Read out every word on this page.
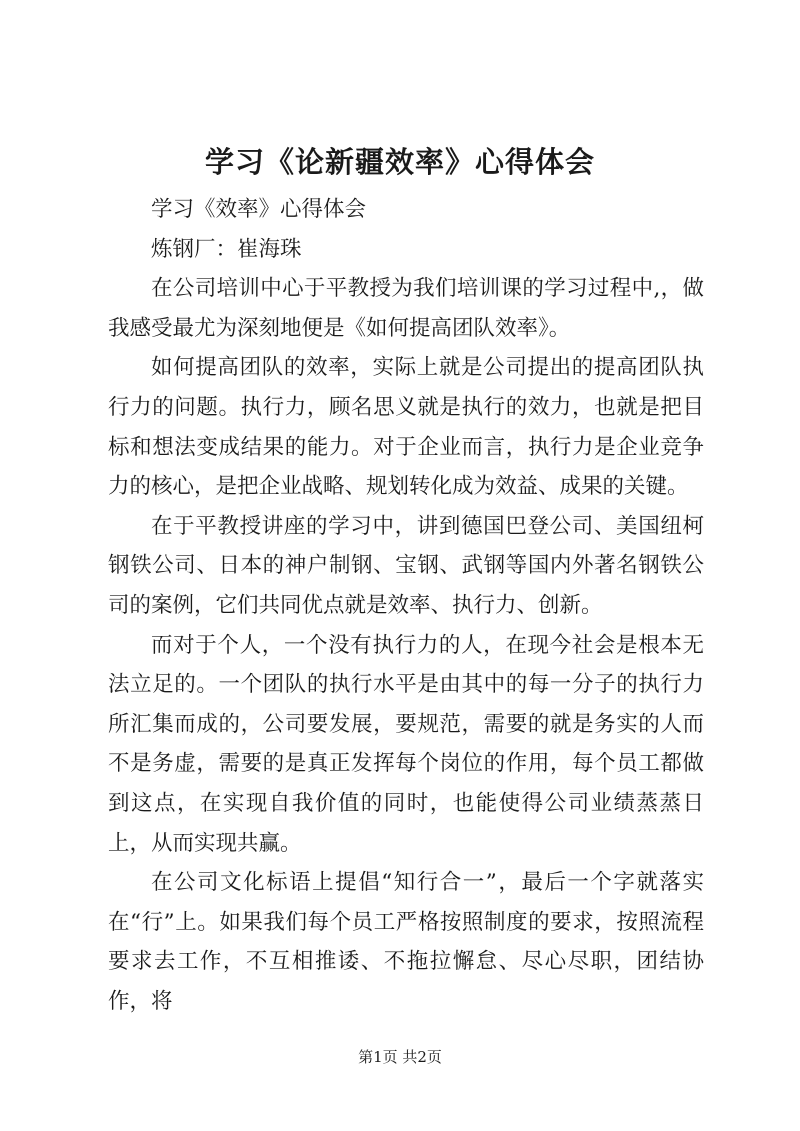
学习《论新疆效率》心得体会

学习《效率》心得体会

炼钢厂：崔海珠

在公司培训中心于平教授为我们培训课的学习过程中,，做我感受最尤为深刻地便是《如何提高团队效率》。

如何提高团队的效率，实际上就是公司提出的提高团队执行力的问题。执行力，顾名思义就是执行的效力，也就是把目标和想法变成结果的能力。对于企业而言，执行力是企业竞争力的核心，是把企业战略、规划转化成为效益、成果的关键。

在于平教授讲座的学习中，讲到德国巴登公司、美国纽柯钢铁公司、日本的神户制钢、宝钢、武钢等国内外著名钢铁公司的案例，它们共同优点就是效率、执行力、创新。

而对于个人，一个没有执行力的人，在现今社会是根本无法立足的。一个团队的执行水平是由其中的每一分子的执行力所汇集而成的，公司要发展，要规范，需要的就是务实的人而不是务虚，需要的是真正发挥每个岗位的作用，每个员工都做到这点，在实现自我价值的同时，也能使得公司业绩蒸蒸日上，从而实现共赢。

在公司文化标语上提倡“知行合一”，最后一个字就落实在“行”上。如果我们每个员工严格按照制度的要求，按照流程要求去工作，不互相推诿、不拖拉懈怠、尽心尽职，团结协作，将

第1页 共2页
